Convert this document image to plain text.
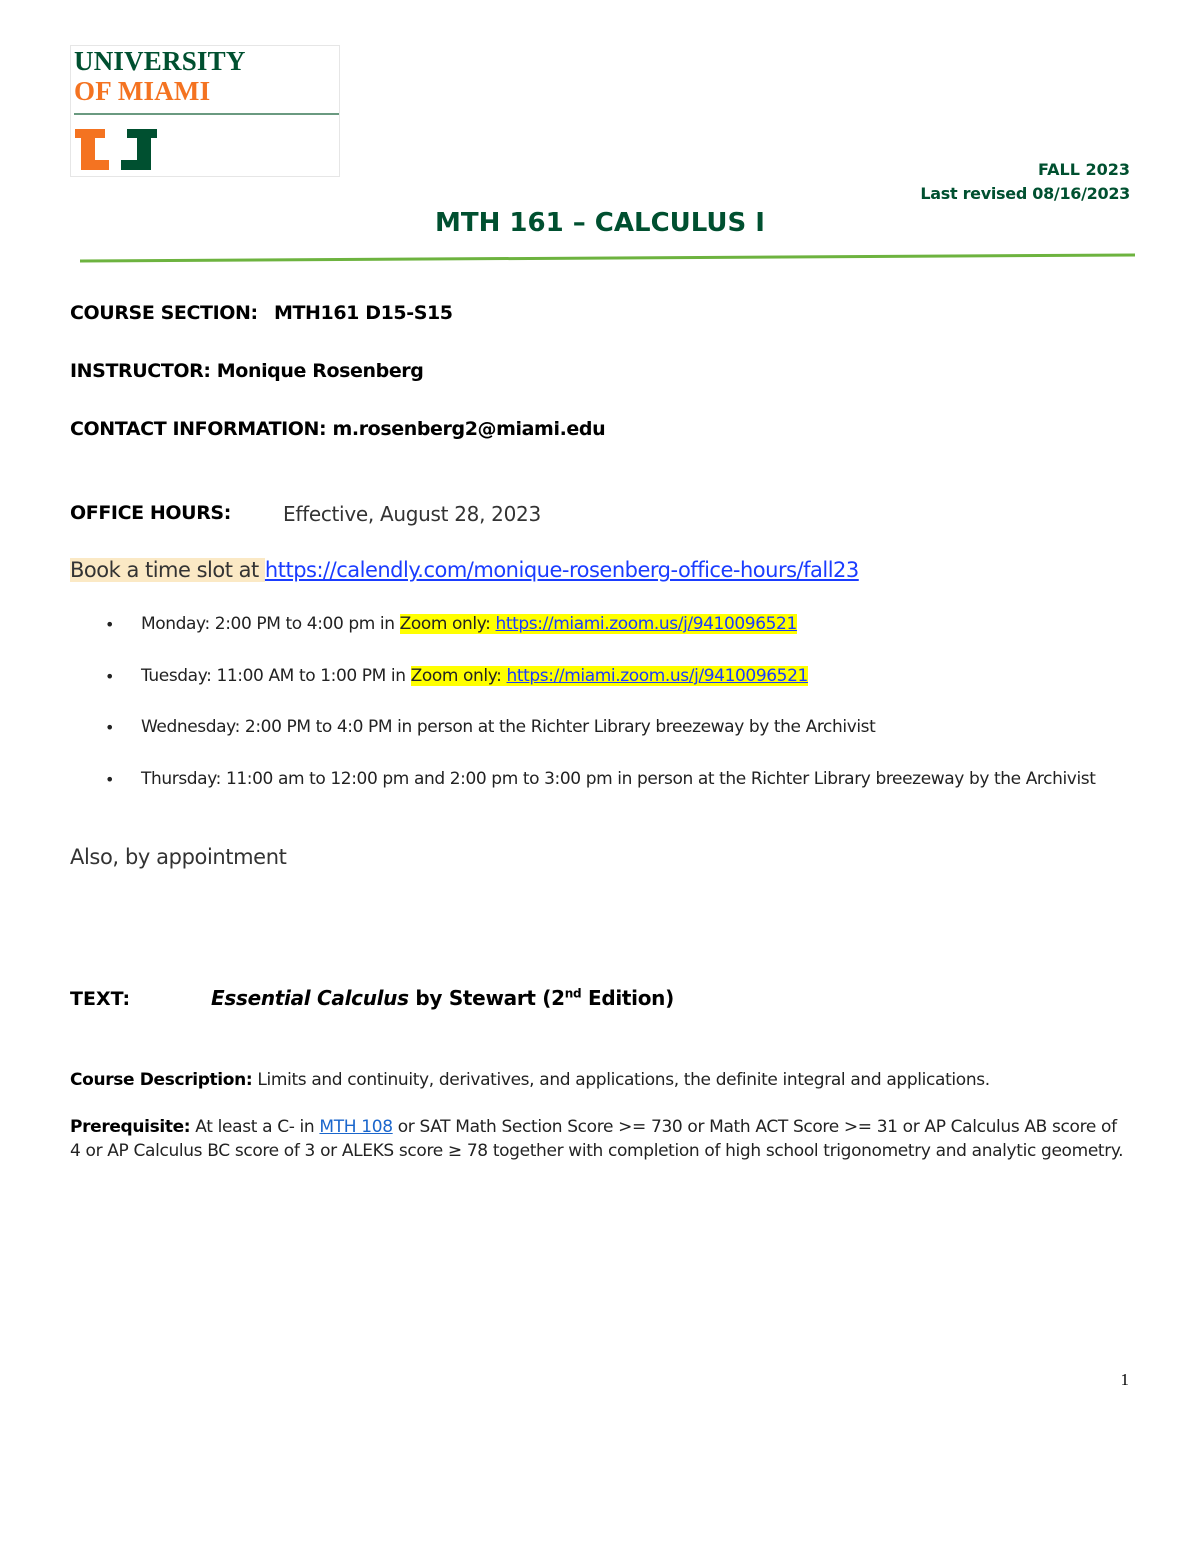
UNIVERSITY
OF MIAMI
FALL 2023
Last revised 08/16/2023
MTH 161 – CALCULUS I
COURSE SECTION: MTH161 D15-S15
INSTRUCTOR: Monique Rosenberg
CONTACT INFORMATION: m.rosenberg2@miami.edu
OFFICE HOURS:	Effective, August 28, 2023
Book a time slot at https://calendly.com/monique-rosenberg-office-hours/fall23
• Monday: 2:00 PM to 4:00 pm in Zoom only: https://miami.zoom.us/j/9410096521
• Tuesday: 11:00 AM to 1:00 PM in Zoom only: https://miami.zoom.us/j/9410096521
• Wednesday: 2:00 PM to 4:0 PM in person at the Richter Library breezeway by the Archivist
• Thursday: 11:00 am to 12:00 pm and 2:00 pm to 3:00 pm in person at the Richter Library breezeway by the Archivist
Also, by appointment
TEXT:	Essential Calculus by Stewart (2nd Edition)
Course Description: Limits and continuity, derivatives, and applications, the definite integral and applications.
Prerequisite: At least a C- in MTH 108 or SAT Math Section Score >= 730 or Math ACT Score >= 31 or AP Calculus AB score of 4 or AP Calculus BC score of 3 or ALEKS score ≥ 78 together with completion of high school trigonometry and analytic geometry.
1
